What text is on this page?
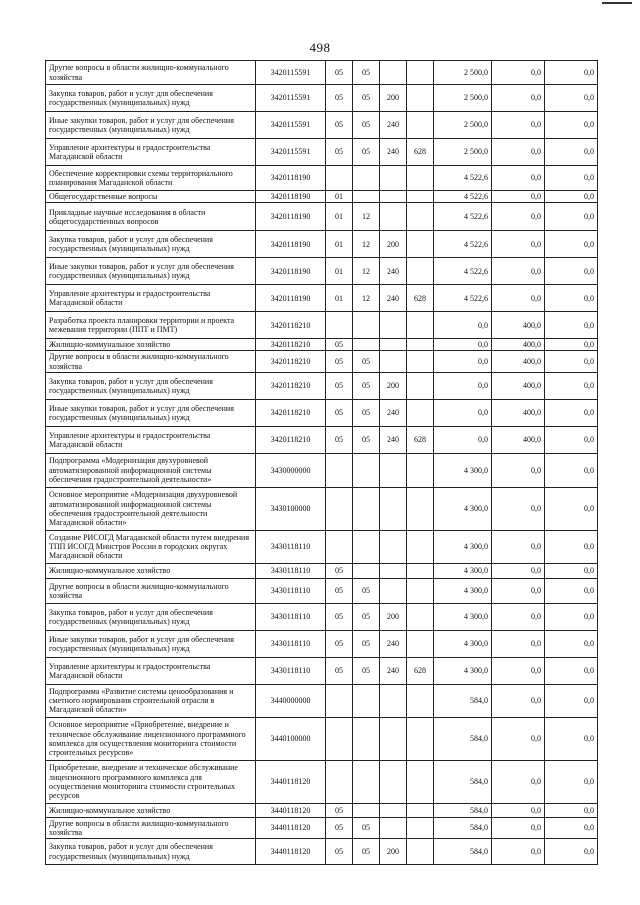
498
Другие вопросы в области жилищно-коммунального хозяйства	3420115591	05	05			2 500,0	0,0	0,0
Закупка товаров, работ и услуг для обеспечения государственных (муниципальных) нужд	3420115591	05	05	200		2 500,0	0,0	0,0
Иные закупки товаров, работ и услуг для обеспечения государственных (муниципальных) нужд	3420115591	05	05	240		2 500,0	0,0	0,0
Управление архитектуры и градостроительства Магаданской области	3420115591	05	05	240	628	2 500,0	0,0	0,0
Обеспечение корректировки схемы территориального планирования Магаданской области	3420118190					4 522,6	0,0	0,0
Общегосударственные вопросы	3420118190	01				4 522,6	0,0	0,0
Прикладные научные исследования в области общегосударственных вопросов	3420118190	01	12			4 522,6	0,0	0,0
Закупка товаров, работ и услуг для обеспечения государственных (муниципальных) нужд	3420118190	01	12	200		4 522,6	0,0	0,0
Иные закупки товаров, работ и услуг для обеспечения государственных (муниципальных) нужд	3420118190	01	12	240		4 522,6	0,0	0,0
Управление архитектуры и градостроительства Магаданской области	3420118190	01	12	240	628	4 522,6	0,0	0,0
Разработка проекта планировки территории и проекта межевания территории (ППТ и ПМТ)	3420118210					0,0	400,0	0,0
Жилищно-коммунальное хозяйство	3420118210	05				0,0	400,0	0,0
Другие вопросы в области жилищно-коммунального хозяйства	3420118210	05	05			0,0	400,0	0,0
Закупка товаров, работ и услуг для обеспечения государственных (муниципальных) нужд	3420118210	05	05	200		0,0	400,0	0,0
Иные закупки товаров, работ и услуг для обеспечения государственных (муниципальных) нужд	3420118210	05	05	240		0,0	400,0	0,0
Управление архитектуры и градостроительства Магаданской области	3420118210	05	05	240	628	0,0	400,0	0,0
Подпрограмма «Модернизация двухуровневой автоматизированной информационной системы обеспечения градостроительной деятельности»	3430000000					4 300,0	0,0	0,0
Основное мероприятие «Модернизация двухуровневой автоматизированной информационной системы обеспечения градостроительной деятельности Магаданской области»	3430100000					4 300,0	0,0	0,0
Создание РИСОГД Магаданской области путем внедрения ТПП ИСОГД Минстроя России в городских округах Магаданской области	3430118110					4 300,0	0,0	0,0
Жилищно-коммунальное хозяйство	3430118110	05				4 300,0	0,0	0,0
Другие вопросы в области жилищно-коммунального хозяйства	3430118110	05	05			4 300,0	0,0	0,0
Закупка товаров, работ и услуг для обеспечения государственных (муниципальных) нужд	3430118110	05	05	200		4 300,0	0,0	0,0
Иные закупки товаров, работ и услуг для обеспечения государственных (муниципальных) нужд	3430118110	05	05	240		4 300,0	0,0	0,0
Управление архитектуры и градостроительства Магаданской области	3430118110	05	05	240	628	4 300,0	0,0	0,0
Подпрограмма «Развитие системы ценообразования и сметного нормирования строительной отрасли в Магаданской области»	3440000000					584,0	0,0	0,0
Основное мероприятие «Приобретение, внедрение и техническое обслуживание лицензионного программного комплекса для осуществления мониторинга стоимости строительных ресурсов»	3440100000					584,0	0,0	0,0
Приобретение, внедрение и техническое обслуживание лицензионного программного комплекса для осуществления мониторинга стоимости строительных ресурсов	3440118120					584,0	0,0	0,0
Жилищно-коммунальное хозяйство	3440118120	05				584,0	0,0	0,0
Другие вопросы в области жилищно-коммунального хозяйства	3440118120	05	05			584,0	0,0	0,0
Закупка товаров, работ и услуг для обеспечения государственных (муниципальных) нужд	3440118120	05	05	200		584,0	0,0	0,0
